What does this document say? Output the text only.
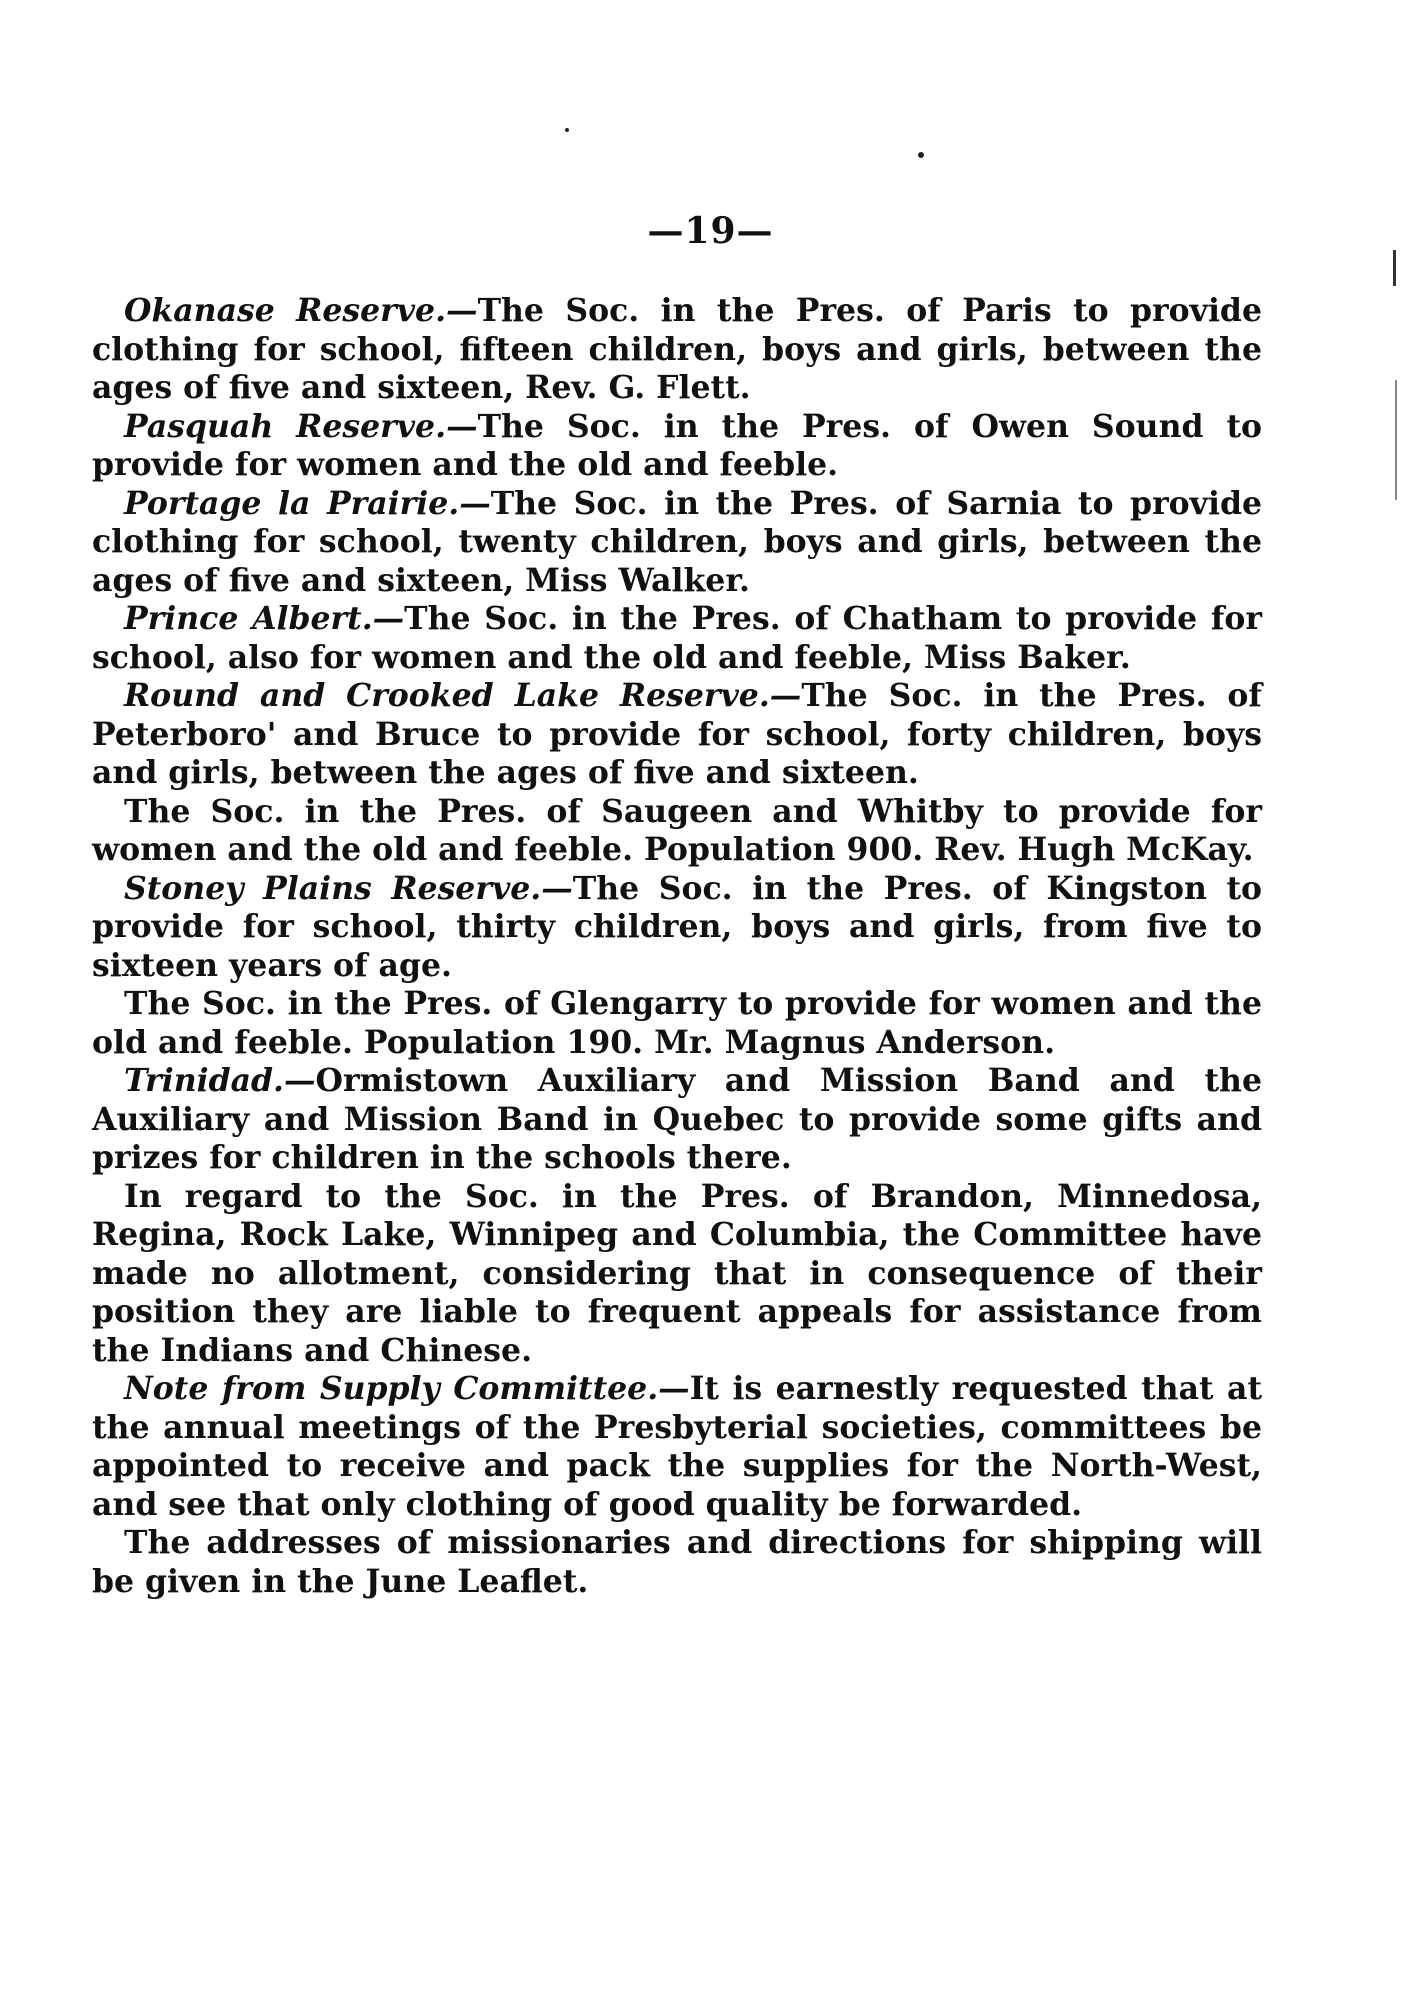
—19—

Okanase Reserve.—The Soc. in the Pres. of Paris to provide clothing for school, fifteen children, boys and girls, between the ages of five and sixteen, Rev. G. Flett.

Pasquah Reserve.—The Soc. in the Pres. of Owen Sound to provide for women and the old and feeble.

Portage la Prairie.—The Soc. in the Pres. of Sarnia to provide clothing for school, twenty children, boys and girls, between the ages of five and sixteen, Miss Walker.

Prince Albert.—The Soc. in the Pres. of Chatham to provide for school, also for women and the old and feeble, Miss Baker.

Round and Crooked Lake Reserve.—The Soc. in the Pres. of Peterboro' and Bruce to provide for school, forty children, boys and girls, between the ages of five and sixteen.

The Soc. in the Pres. of Saugeen and Whitby to provide for women and the old and feeble. Population 900. Rev. Hugh McKay.

Stoney Plains Reserve.—The Soc. in the Pres. of Kingston to provide for school, thirty children, boys and girls, from five to sixteen years of age.

The Soc. in the Pres. of Glengarry to provide for women and the old and feeble. Population 190. Mr. Magnus Anderson.

Trinidad.—Ormistown Auxiliary and Mission Band and the Auxiliary and Mission Band in Quebec to provide some gifts and prizes for children in the schools there.

In regard to the Soc. in the Pres. of Brandon, Minnedosa, Regina, Rock Lake, Winnipeg and Columbia, the Committee have made no allotment, considering that in consequence of their position they are liable to frequent appeals for assistance from the Indians and Chinese.

Note from Supply Committee.—It is earnestly requested that at the annual meetings of the Presbyterial societies, committees be appointed to receive and pack the supplies for the North-West, and see that only clothing of good quality be forwarded.

The addresses of missionaries and directions for shipping will be given in the June Leaflet.
